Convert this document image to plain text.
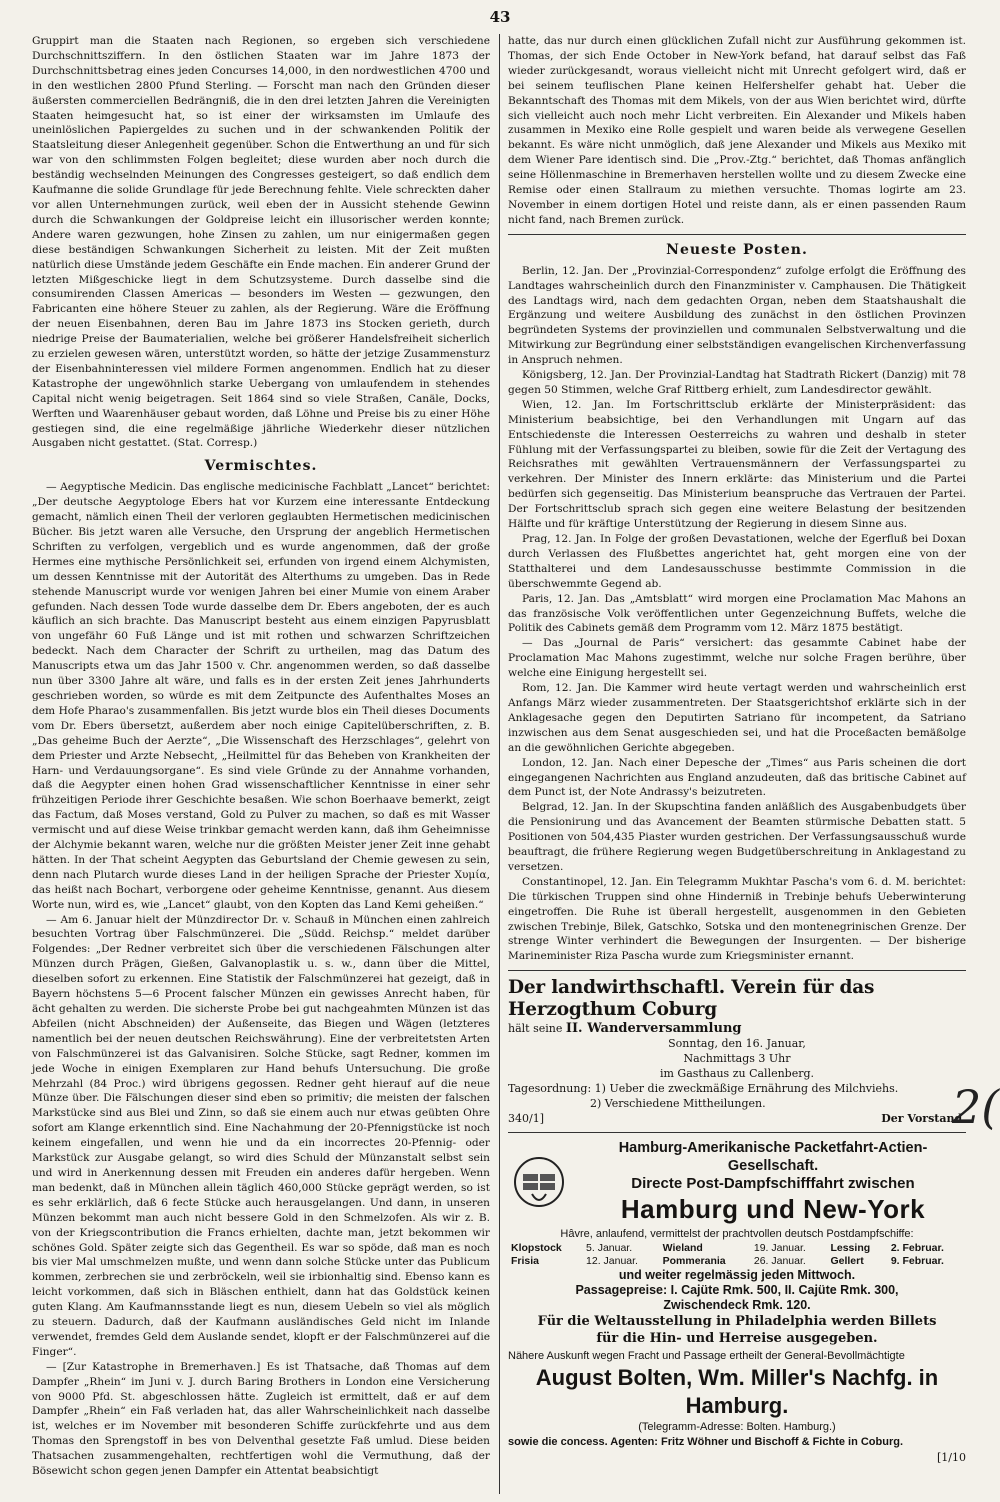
43

Gruppirt man die Staaten nach Regionen, so ergeben sich verschiedene Durchschnittsziffern. In den östlichen Staaten war im Jahre 1873 der Durchschnittsbetrag eines jeden Concurses 14,000, in den nordwestlichen 4700 und in den westlichen 2800 Pfund Sterling. — Forscht man nach den Gründen dieser äußersten commerciellen Bedrängniß, die in den drei letzten Jahren die Vereinigten Staaten heimgesucht hat, so ist einer der wirksamsten im Umlaufe des uneinlöslichen Papiergeldes zu suchen und in der schwankenden Politik der Staatsleitung dieser Anlegenheit gegenüber. Schon die Entwerthung an und für sich war von den schlimmsten Folgen begleitet; diese wurden aber noch durch die beständig wechselnden Meinungen des Congresses gesteigert, so daß endlich dem Kaufmanne die solide Grundlage für jede Berechnung fehlte. Viele schreckten daher vor allen Unternehmungen zurück, weil eben der in Aussicht stehende Gewinn durch die Schwankungen der Goldpreise leicht ein illusorischer werden konnte; Andere waren gezwungen, hohe Zinsen zu zahlen, um nur einigermaßen gegen diese beständigen Schwankungen Sicherheit zu leisten. Mit der Zeit mußten natürlich diese Umstände jedem Geschäfte ein Ende machen. Ein anderer Grund der letzten Mißgeschicke liegt in dem Schutzsysteme. Durch dasselbe sind die consumirenden Classen Americas — besonders im Westen — gezwungen, den Fabricanten eine höhere Steuer zu zahlen, als der Regierung. Wäre die Eröffnung der neuen Eisenbahnen, deren Bau im Jahre 1873 ins Stocken gerieth, durch niedrige Preise der Baumaterialien, welche bei größerer Handelsfreiheit sicherlich zu erzielen gewesen wären, unterstützt worden, so hätte der jetzige Zusammensturz der Eisenbahninteressen viel mildere Formen angenommen. Endlich hat zu dieser Katastrophe der ungewöhnlich starke Uebergang von umlaufendem in stehendes Capital nicht wenig beigetragen. Seit 1864 sind so viele Straßen, Canäle, Docks, Werften und Waarenhäuser gebaut worden, daß Löhne und Preise bis zu einer Höhe gestiegen sind, die eine regelmäßige jährliche Wiederkehr dieser nützlichen Ausgaben nicht gestattet. (Stat. Corresp.)

Vermischtes.

— Aegyptische Medicin. Das englische medicinische Fachblatt „Lancet“ berichtet: „Der deutsche Aegyptologe Ebers hat vor Kurzem eine interessante Entdeckung gemacht, nämlich einen Theil der verloren geglaubten Hermetischen medicinischen Bücher. Bis jetzt waren alle Versuche, den Ursprung der angeblich Hermetischen Schriften zu verfolgen, vergeblich und es wurde angenommen, daß der große Hermes eine mythische Persönlichkeit sei, erfunden von irgend einem Alchymisten, um dessen Kenntnisse mit der Autorität des Alterthums zu umgeben. Das in Rede stehende Manuscript wurde vor wenigen Jahren bei einer Mumie von einem Araber gefunden. Nach dessen Tode wurde dasselbe dem Dr. Ebers angeboten, der es auch käuflich an sich brachte. Das Manuscript besteht aus einem einzigen Papyrusblatt von ungefähr 60 Fuß Länge und ist mit rothen und schwarzen Schriftzeichen bedeckt. Nach dem Character der Schrift zu urtheilen, mag das Datum des Manuscripts etwa um das Jahr 1500 v. Chr. angenommen werden, so daß dasselbe nun über 3300 Jahre alt wäre, und falls es in der ersten Zeit jenes Jahrhunderts geschrieben worden, so würde es mit dem Zeitpuncte des Aufenthaltes Moses an dem Hofe Pharao's zusammenfallen. Bis jetzt wurde blos ein Theil dieses Documents vom Dr. Ebers übersetzt, außerdem aber noch einige Capitelüberschriften, z. B. „Das geheime Buch der Aerzte“, „Die Wissenschaft des Herzschlages“, gelehrt von dem Priester und Arzte Nebsecht, „Heilmittel für das Beheben von Krankheiten der Harn- und Verdauungsorgane“. Es sind viele Gründe zu der Annahme vorhanden, daß die Aegypter einen hohen Grad wissenschaftlicher Kenntnisse in einer sehr frühzeitigen Periode ihrer Geschichte besaßen. Wie schon Boerhaave bemerkt, zeigt das Factum, daß Moses verstand, Gold zu Pulver zu machen, so daß es mit Wasser vermischt und auf diese Weise trinkbar gemacht werden kann, daß ihm Geheimnisse der Alchymie bekannt waren, welche nur die größten Meister jener Zeit inne gehabt hätten. In der That scheint Aegypten das Geburtsland der Chemie gewesen zu sein, denn nach Plutarch wurde dieses Land in der heiligen Sprache der Priester Χυμία, das heißt nach Bochart, verborgene oder geheime Kenntnisse, genannt. Aus diesem Worte nun, wird es, wie „Lancet“ glaubt, von den Kopten das Land Kemi geheißen.“

— Am 6. Januar hielt der Münzdirector Dr. v. Schauß in München einen zahlreich besuchten Vortrag über Falschmünzerei. Die „Südd. Reichsp.“ meldet darüber Folgendes: „Der Redner verbreitet sich über die verschiedenen Fälschungen alter Münzen durch Prägen, Gießen, Galvanoplastik u. s. w., dann über die Mittel, dieselben sofort zu erkennen. Eine Statistik der Falschmünzerei hat gezeigt, daß in Bayern höchstens 5—6 Procent falscher Münzen ein gewisses Anrecht haben, für ächt gehalten zu werden. Die sicherste Probe bei gut nachgeahmten Münzen ist das Abfeilen (nicht Abschneiden) der Außenseite, das Biegen und Wägen (letzteres namentlich bei der neuen deutschen Reichswährung). Eine der verbreitetsten Arten von Falschmünzerei ist das Galvanisiren. Solche Stücke, sagt Redner, kommen im jede Woche in einigen Exemplaren zur Hand behufs Untersuchung. Die große Mehrzahl (84 Proc.) wird übrigens gegossen. Redner geht hierauf auf die neue Münze über. Die Fälschungen dieser sind eben so primitiv; die meisten der falschen Markstücke sind aus Blei und Zinn, so daß sie einem auch nur etwas geübten Ohre sofort am Klange erkenntlich sind. Eine Nachahmung der 20-Pfennigstücke ist noch keinem eingefallen, und wenn hie und da ein incorrectes 20-Pfennig- oder Markstück zur Ausgabe gelangt, so wird dies Schuld der Münzanstalt selbst sein und wird in Anerkennung dessen mit Freuden ein anderes dafür hergeben. Wenn man bedenkt, daß in München allein täglich 460,000 Stücke geprägt werden, so ist es sehr erklärlich, daß 6 fecte Stücke auch herausgelangen. Und dann, in unseren Münzen bekommt man auch nicht bessere Gold in den Schmelzofen. Als wir z. B. von der Kriegscontribution die Francs erhielten, dachte man, jetzt bekommen wir schönes Gold. Später zeigte sich das Gegentheil. Es war so spöde, daß man es noch bis vier Mal umschmelzen mußte, und wenn dann solche Stücke unter das Publicum kommen, zerbrechen sie und zerbröckeln, weil sie irbionhaltig sind. Ebenso kann es leicht vorkommen, daß sich in Bläschen enthielt, dann hat das Goldstück keinen guten Klang. Am Kaufmannsstande liegt es nun, diesem Uebeln so viel als möglich zu steuern. Dadurch, daß der Kaufmann ausländisches Geld nicht im Inlande verwendet, fremdes Geld dem Auslande sendet, klopft er der Falschmünzerei auf die Finger“.

— [Zur Katastrophe in Bremerhaven.] Es ist Thatsache, daß Thomas auf dem Dampfer „Rhein“ im Juni v. J. durch Baring Brothers in London eine Versicherung von 9000 Pfd. St. abgeschlossen hätte. Zugleich ist ermittelt, daß er auf dem Dampfer „Rhein“ ein Faß verladen hat, das aller Wahrscheinlichkeit nach dasselbe ist, welches er im November mit besonderen Schiffe zurückfehrte und aus dem Thomas den Sprengstoff in bes von Delventhal gesetzte Faß umlud. Diese beiden Thatsachen zusammengehalten, rechtfertigen wohl die Vermuthung, daß der Bösewicht schon gegen jenen Dampfer ein Attentat beabsichtigt

hatte, das nur durch einen glücklichen Zufall nicht zur Ausführung gekommen ist. Thomas, der sich Ende October in New-York befand, hat darauf selbst das Faß wieder zurückgesandt, woraus vielleicht nicht mit Unrecht gefolgert wird, daß er bei seinem teuflischen Plane keinen Helfershelfer gehabt hat. Ueber die Bekanntschaft des Thomas mit dem Mikels, von der aus Wien berichtet wird, dürfte sich vielleicht auch noch mehr Licht verbreiten. Ein Alexander und Mikels haben zusammen in Mexiko eine Rolle gespielt und waren beide als verwegene Gesellen bekannt. Es wäre nicht unmöglich, daß jene Alexander und Mikels aus Mexiko mit dem Wiener Pare identisch sind. Die „Prov.-Ztg.“ berichtet, daß Thomas anfänglich seine Höllenmaschine in Bremerhaven herstellen wollte und zu diesem Zwecke eine Remise oder einen Stallraum zu miethen versuchte. Thomas logirte am 23. November in einem dortigen Hotel und reiste dann, als er einen passenden Raum nicht fand, nach Bremen zurück.

Neueste Posten.

Berlin, 12. Jan. Der „Provinzial-Correspondenz“ zufolge erfolgt die Eröffnung des Landtages wahrscheinlich durch den Finanzminister v. Camphausen. Die Thätigkeit des Landtags wird, nach dem gedachten Organ, neben dem Staatshaushalt die Ergänzung und weitere Ausbildung des zunächst in den östlichen Provinzen begründeten Systems der provinziellen und communalen Selbstverwaltung und die Mitwirkung zur Begründung einer selbstständigen evangelischen Kirchenverfassung in Anspruch nehmen.

Königsberg, 12. Jan. Der Provinzial-Landtag hat Stadtrath Rickert (Danzig) mit 78 gegen 50 Stimmen, welche Graf Rittberg erhielt, zum Landesdirector gewählt.

Wien, 12. Jan. Im Fortschrittsclub erklärte der Ministerpräsident: das Ministerium beabsichtige, bei den Verhandlungen mit Ungarn auf das Entschiedenste die Interessen Oesterreichs zu wahren und deshalb in steter Fühlung mit der Verfassungspartei zu bleiben, sowie für die Zeit der Vertagung des Reichsrathes mit gewählten Vertrauensmännern der Verfassungspartei zu verkehren. Der Minister des Innern erklärte: das Ministerium und die Partei bedürfen sich gegenseitig. Das Ministerium beanspruche das Vertrauen der Partei. Der Fortschrittsclub sprach sich gegen eine weitere Belastung der besitzenden Hälfte und für kräftige Unterstützung der Regierung in diesem Sinne aus.

Prag, 12. Jan. In Folge der großen Devastationen, welche der Egerfluß bei Doxan durch Verlassen des Flußbettes angerichtet hat, geht morgen eine von der Statthalterei und dem Landesausschusse bestimmte Commission in die überschwemmte Gegend ab.

Paris, 12. Jan. Das „Amtsblatt“ wird morgen eine Proclamation Mac Mahons an das französische Volk veröffentlichen unter Gegenzeichnung Buffets, welche die Politik des Cabinets gemäß dem Programm vom 12. März 1875 bestätigt.

— Das „Journal de Paris“ versichert: das gesammte Cabinet habe der Proclamation Mac Mahons zugestimmt, welche nur solche Fragen berühre, über welche eine Einigung hergestellt sei.

Rom, 12. Jan. Die Kammer wird heute vertagt werden und wahrscheinlich erst Anfangs März wieder zusammentreten. Der Staatsgerichtshof erklärte sich in der Anklagesache gegen den Deputirten Satriano für incompetent, da Satriano inzwischen aus dem Senat ausgeschieden sei, und hat die Proceßacten bemäßolge an die gewöhnlichen Gerichte abgegeben.

London, 12. Jan. Nach einer Depesche der „Times“ aus Paris scheinen die dort eingegangenen Nachrichten aus England anzudeuten, daß das britische Cabinet auf dem Punct ist, der Note Andrassy's beizutreten.

Belgrad, 12. Jan. In der Skupschtina fanden anläßlich des Ausgabenbudgets über die Pensionirung und das Avancement der Beamten stürmische Debatten statt. 5 Positionen von 504,435 Piaster wurden gestrichen. Der Verfassungsausschuß wurde beauftragt, die frühere Regierung wegen Budgetüberschreitung in Anklagestand zu versetzen.

Constantinopel, 12. Jan. Ein Telegramm Mukhtar Pascha's vom 6. d. M. berichtet: Die türkischen Truppen sind ohne Hinderniß in Trebinje behufs Ueberwinterung eingetroffen. Die Ruhe ist überall hergestellt, ausgenommen in den Gebieten zwischen Trebinje, Bilek, Gatschko, Sotska und den montenegrinischen Grenze. Der strenge Winter verhindert die Bewegungen der Insurgenten. — Der bisherige Marineminister Riza Pascha wurde zum Kriegsminister ernannt.

Der landwirthschaftl. Verein für das Herzogthum Coburg
hält seine II. Wanderversammlung
Sonntag, den 16. Januar,
Nachmittags 3 Uhr
im Gasthaus zu Callenberg.
Tagesordnung: 1) Ueber die zweckmäßige Ernährung des Milchviehs.
2) Verschiedene Mittheilungen.
340/1]	Der Vorstand.
Hamburg-Amerikanische Packetfahrt-Actien-Gesellschaft.
Directe Post-Dampfschifffahrt zwischen
Hamburg und New-York
Hâvre, anlaufend, vermittelst der prachtvollen deutsch Postdampfschiffe:
Klopstock	5. Januar.	Wieland	19. Januar.	Lessing	2. Februar.
Frisia	12. Januar.	Pommerania	26. Januar.	Gellert	9. Februar.
und weiter regelmässig jeden Mittwoch.
Passagepreise: I. Cajüte Rmk. 500, II. Cajüte Rmk. 300,
Zwischendeck Rmk. 120.
Für die Weltausstellung in Philadelphia werden Billets
für die Hin- und Herreise ausgegeben.
Nähere Auskunft wegen Fracht und Passage ertheilt der General-Bevollmächtigte
August Bolten, Wm. Miller's Nachfg. in Hamburg.
(Telegramm-Adresse: Bolten. Hamburg.)
sowie die concess. Agenten: Fritz Wöhner und Bischoff & Fichte in Coburg.
[1/10
2(
